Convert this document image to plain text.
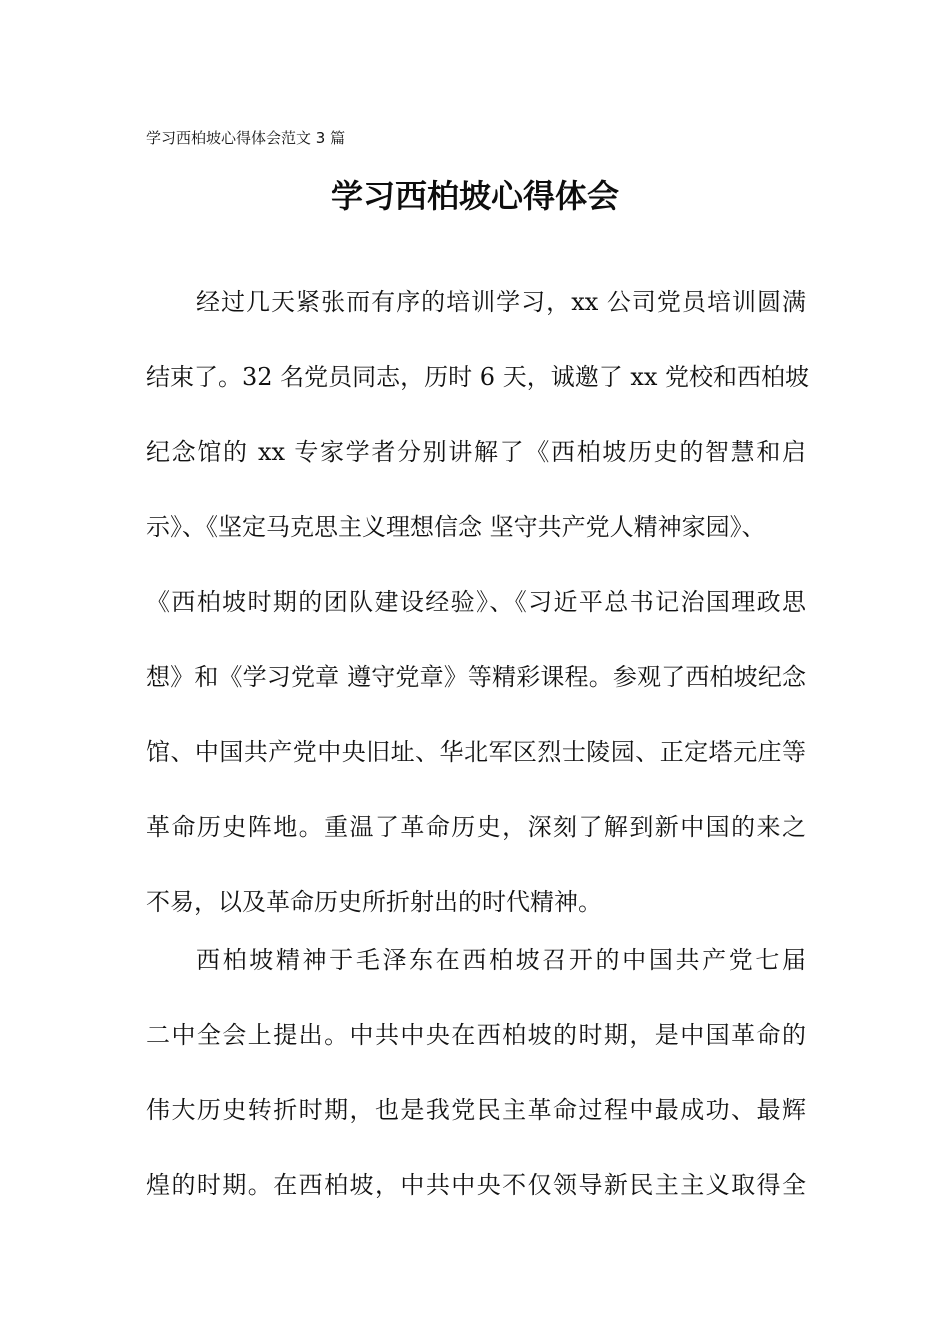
学习西柏坡心得体会范文 3 篇
学习西柏坡心得体会
经过几天紧张而有序的培训学习，xx 公司党员培训圆满
结束了。32 名党员同志，历时 6 天，诚邀了 xx 党校和西柏坡
纪念馆的 xx 专家学者分别讲解了《西柏坡历史的智慧和启
示》、《坚定马克思主义理想信念 坚守共产党人精神家园》、
《西柏坡时期的团队建设经验》、《习近平总书记治国理政思
想》和《学习党章 遵守党章》等精彩课程。参观了西柏坡纪念
馆、中国共产党中央旧址、华北军区烈士陵园、正定塔元庄等
革命历史阵地。重温了革命历史，深刻了解到新中国的来之
不易，以及革命历史所折射出的时代精神。
西柏坡精神于毛泽东在西柏坡召开的中国共产党七届
二中全会上提出。中共中央在西柏坡的时期，是中国革命的
伟大历史转折时期，也是我党民主革命过程中最成功、最辉
煌的时期。在西柏坡，中共中央不仅领导新民主主义取得全
